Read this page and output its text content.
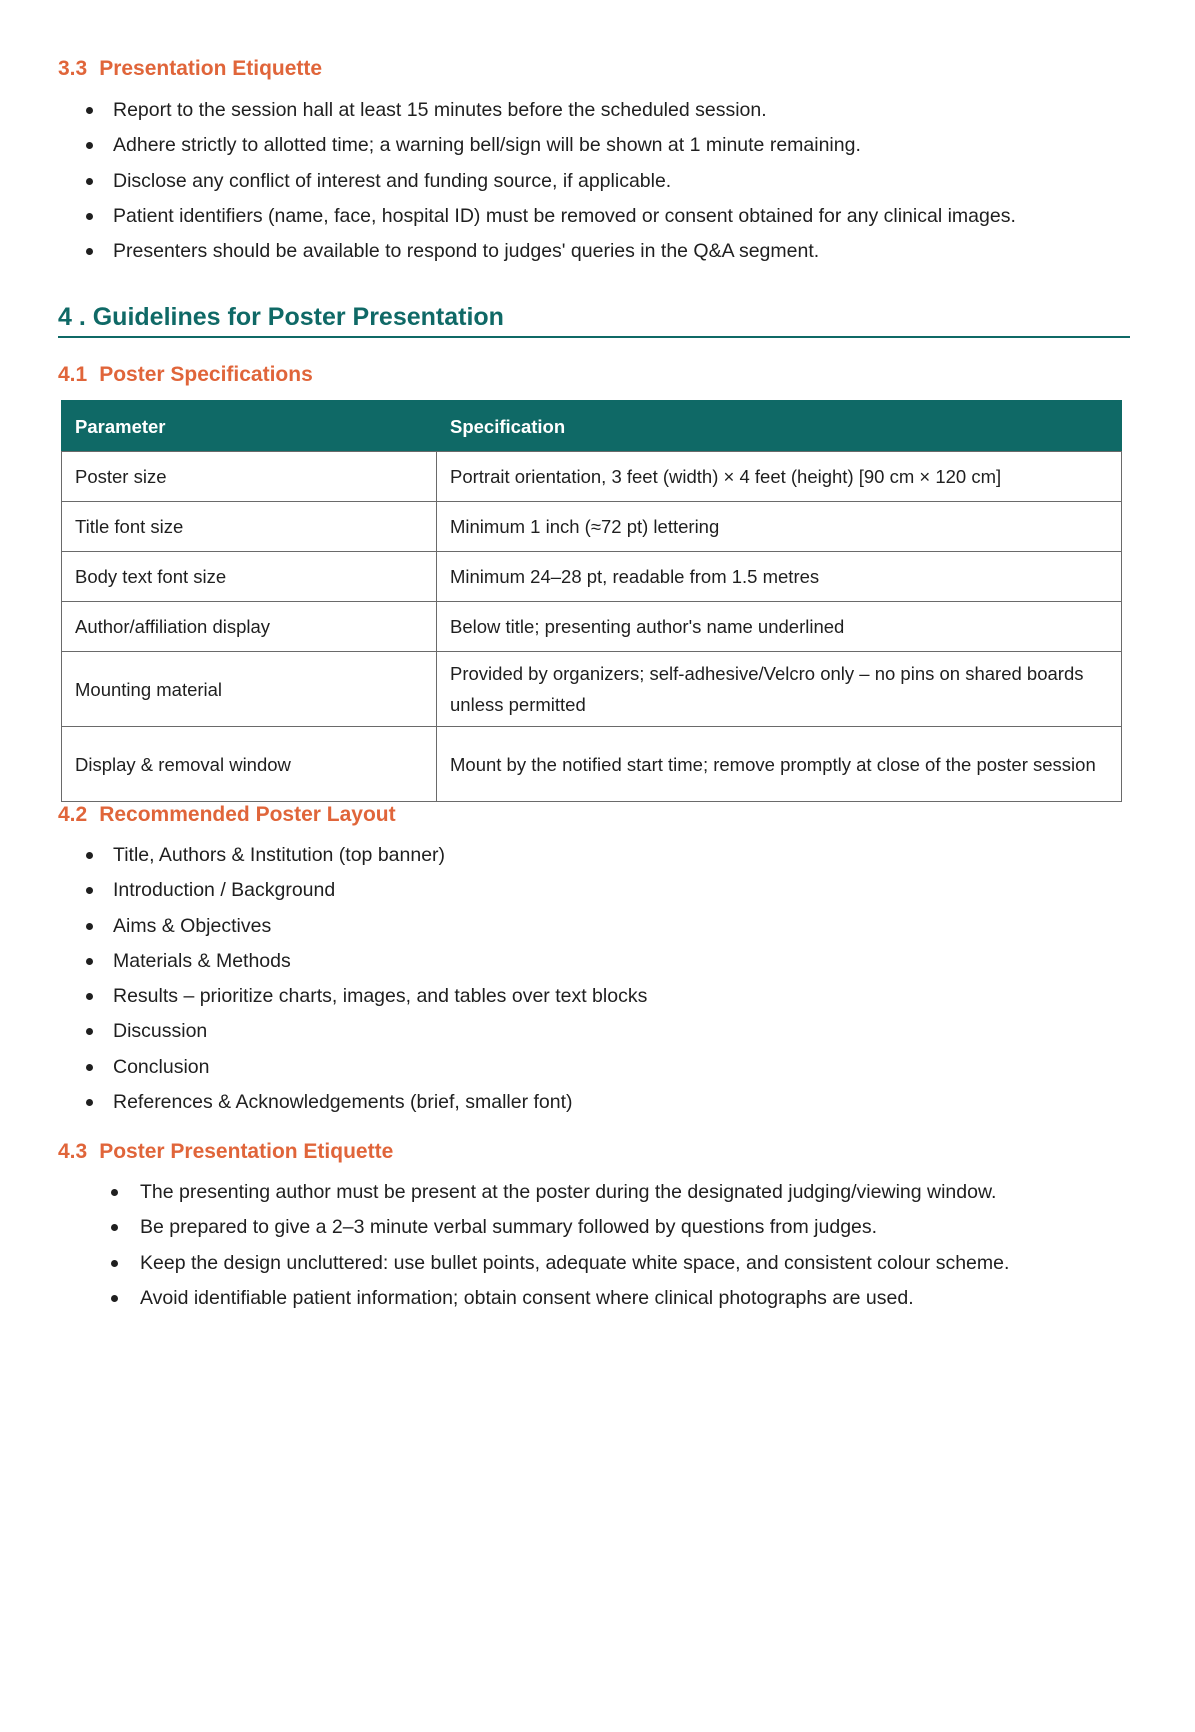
3.3 Presentation Etiquette
Report to the session hall at least 15 minutes before the scheduled session.
Adhere strictly to allotted time; a warning bell/sign will be shown at 1 minute remaining.
Disclose any conflict of interest and funding source, if applicable.
Patient identifiers (name, face, hospital ID) must be removed or consent obtained for any clinical images.
Presenters should be available to respond to judges' queries in the Q&A segment.
4 . Guidelines for Poster Presentation
4.1 Poster Specifications
Parameter	Specification
Poster size	Portrait orientation, 3 feet (width) × 4 feet (height) [90 cm × 120 cm]
Title font size	Minimum 1 inch (≈72 pt) lettering
Body text font size	Minimum 24–28 pt, readable from 1.5 metres
Author/affiliation display	Below title; presenting author's name underlined
Mounting material	Provided by organizers; self-adhesive/Velcro only – no pins on shared boards unless permitted
Display & removal window	Mount by the notified start time; remove promptly at close of the poster session
4.2 Recommended Poster Layout
Title, Authors & Institution (top banner)
Introduction / Background
Aims & Objectives
Materials & Methods
Results – prioritize charts, images, and tables over text blocks
Discussion
Conclusion
References & Acknowledgements (brief, smaller font)
4.3 Poster Presentation Etiquette
The presenting author must be present at the poster during the designated judging/viewing window.
Be prepared to give a 2–3 minute verbal summary followed by questions from judges.
Keep the design uncluttered: use bullet points, adequate white space, and consistent colour scheme.
Avoid identifiable patient information; obtain consent where clinical photographs are used.
